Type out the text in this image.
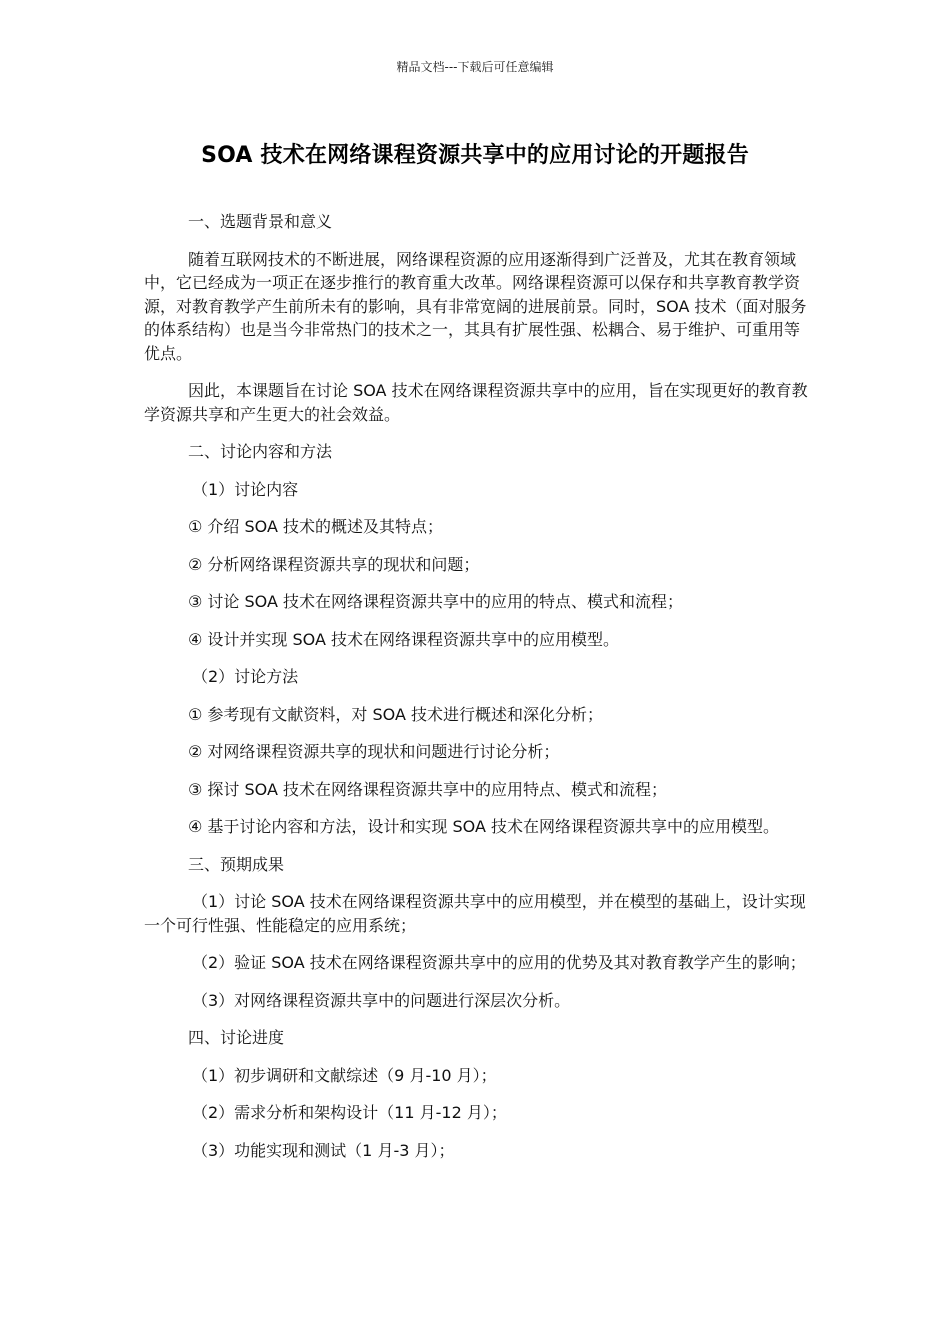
精品文档---下载后可任意编辑
SOA 技术在网络课程资源共享中的应用讨论的开题报告

一、选题背景和意义

随着互联网技术的不断进展，网络课程资源的应用逐渐得到广泛普及，尤其在教育领域中，它已经成为一项正在逐步推行的教育重大改革。网络课程资源可以保存和共享教育教学资源，对教育教学产生前所未有的影响，具有非常宽阔的进展前景。同时，SOA 技术（面对服务的体系结构）也是当今非常热门的技术之一，其具有扩展性强、松耦合、易于维护、可重用等优点。

因此，本课题旨在讨论 SOA 技术在网络课程资源共享中的应用，旨在实现更好的教育教学资源共享和产生更大的社会效益。

二、讨论内容和方法

（1）讨论内容

① 介绍 SOA 技术的概述及其特点；

② 分析网络课程资源共享的现状和问题；

③ 讨论 SOA 技术在网络课程资源共享中的应用的特点、模式和流程；

④ 设计并实现 SOA 技术在网络课程资源共享中的应用模型。

（2）讨论方法

① 参考现有文献资料，对 SOA 技术进行概述和深化分析；

② 对网络课程资源共享的现状和问题进行讨论分析；

③ 探讨 SOA 技术在网络课程资源共享中的应用特点、模式和流程；

④ 基于讨论内容和方法，设计和实现 SOA 技术在网络课程资源共享中的应用模型。

三、预期成果

（1）讨论 SOA 技术在网络课程资源共享中的应用模型，并在模型的基础上，设计实现一个可行性强、性能稳定的应用系统；

（2）验证 SOA 技术在网络课程资源共享中的应用的优势及其对教育教学产生的影响；

（3）对网络课程资源共享中的问题进行深层次分析。

四、讨论进度

（1）初步调研和文献综述（9 月-10 月）；

（2）需求分析和架构设计（11 月-12 月）；

（3）功能实现和测试（1 月-3 月）；
